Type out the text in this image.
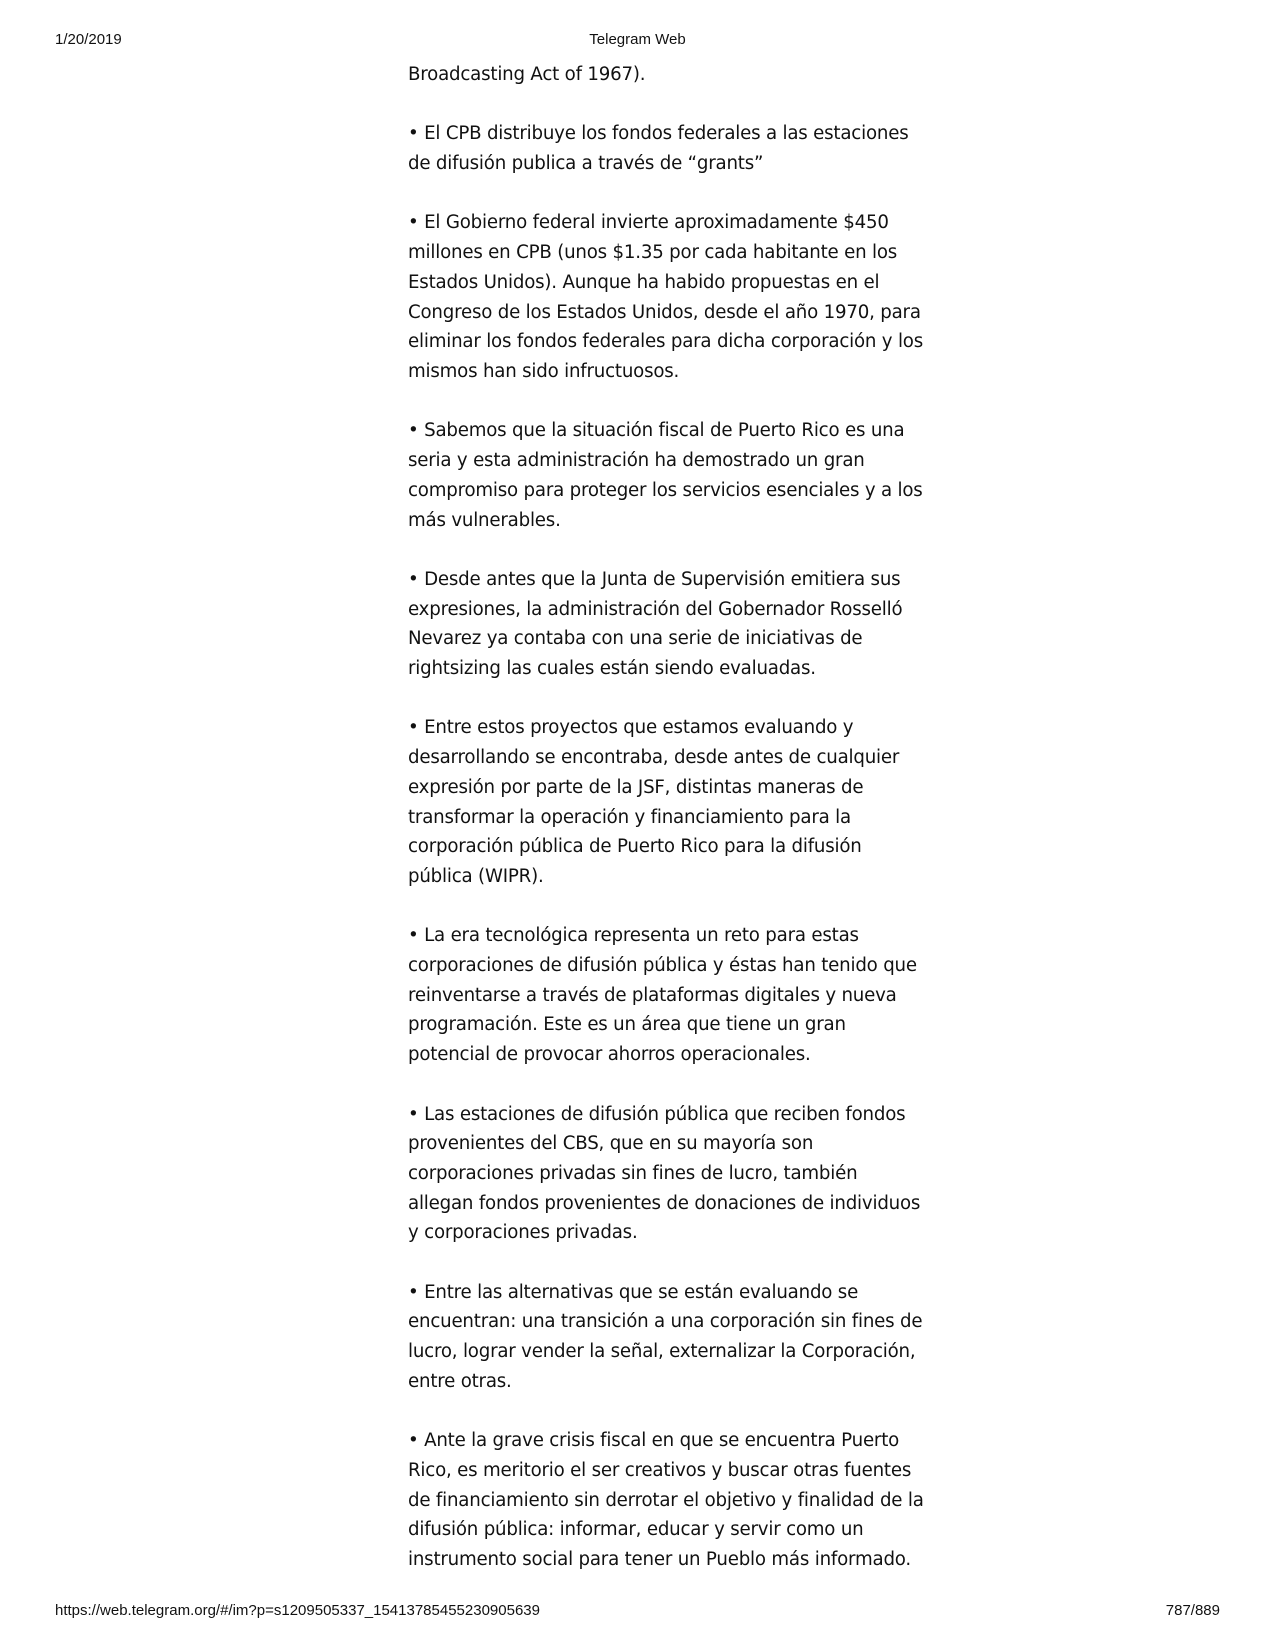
1/20/2019	Telegram Web

Broadcasting Act of 1967).

• El CPB distribuye los fondos federales a las estaciones de difusión publica a través de “grants”

• El Gobierno federal invierte aproximadamente $450 millones en CPB (unos $1.35 por cada habitante en los Estados Unidos). Aunque ha habido propuestas en el Congreso de los Estados Unidos, desde el año 1970, para eliminar los fondos federales para dicha corporación y los mismos han sido infructuosos.

• Sabemos que la situación fiscal de Puerto Rico es una seria y esta administración ha demostrado un gran compromiso para proteger los servicios esenciales y a los más vulnerables.

• Desde antes que la Junta de Supervisión emitiera sus expresiones, la administración del Gobernador Rosselló Nevarez ya contaba con una serie de iniciativas de rightsizing las cuales están siendo evaluadas.

• Entre estos proyectos que estamos evaluando y desarrollando se encontraba, desde antes de cualquier expresión por parte de la JSF, distintas maneras de transformar la operación y financiamiento para la corporación pública de Puerto Rico para la difusión pública (WIPR).

• La era tecnológica representa un reto para estas corporaciones de difusión pública y éstas han tenido que reinventarse a través de plataformas digitales y nueva programación. Este es un área que tiene un gran potencial de provocar ahorros operacionales.

• Las estaciones de difusión pública que reciben fondos provenientes del CBS, que en su mayoría son corporaciones privadas sin fines de lucro, también allegan fondos provenientes de donaciones de individuos y corporaciones privadas.

• Entre las alternativas que se están evaluando se encuentran: una transición a una corporación sin fines de lucro, lograr vender la señal, externalizar la Corporación, entre otras.

• Ante la grave crisis fiscal en que se encuentra Puerto Rico, es meritorio el ser creativos y buscar otras fuentes de financiamiento sin derrotar el objetivo y finalidad de la difusión pública: informar, educar y servir como un instrumento social para tener un Pueblo más informado.

https://web.telegram.org/#/im?p=s1209505337_15413785455230905639	787/889
